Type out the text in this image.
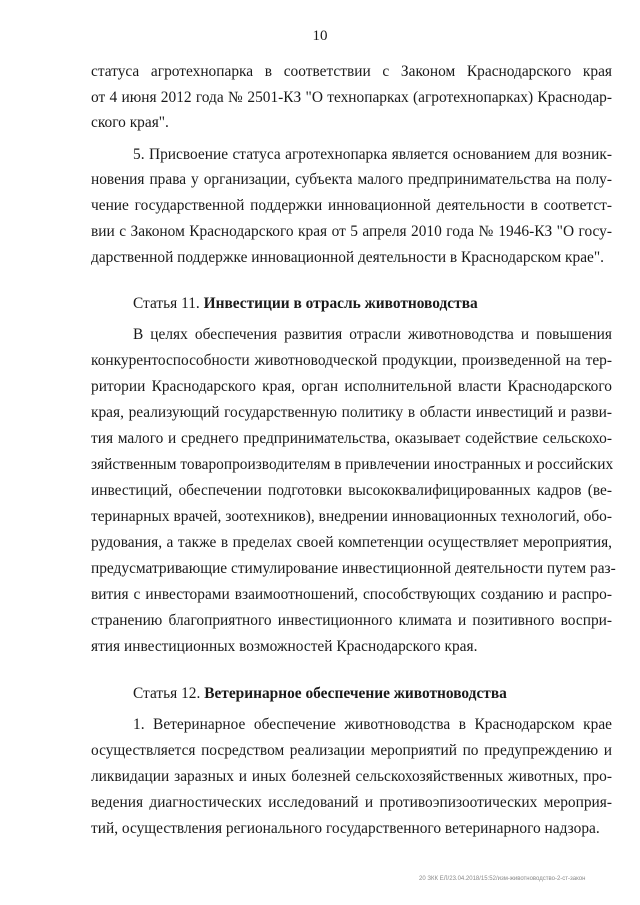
10
статуса агротехнопарка в соответствии с Законом Краснодарского края
от 4 июня 2012 года № 2501-КЗ "О технопарках (агротехнопарках) Краснодар-
ского края".
5. Присвоение статуса агротехнопарка является основанием для возник-
новения права у организации, субъекта малого предпринимательства на полу-
чение государственной поддержки инновационной деятельности в соответст-
вии с Законом Краснодарского края от 5 апреля 2010 года № 1946-КЗ "О госу-
дарственной поддержке инновационной деятельности в Краснодарском крае".
Статья 11. Инвестиции в отрасль животноводства
В целях обеспечения развития отрасли животноводства и повышения
конкурентоспособности животноводческой продукции, произведенной на тер-
ритории Краснодарского края, орган исполнительной власти Краснодарского
края, реализующий государственную политику в области инвестиций и разви-
тия малого и среднего предпринимательства, оказывает содействие сельскохо-
зяйственным товаропроизводителям в привлечении иностранных и российских
инвестиций, обеспечении подготовки высококвалифицированных кадров (ве-
теринарных врачей, зоотехников), внедрении инновационных технологий, обо-
рудования, а также в пределах своей компетенции осуществляет мероприятия,
предусматривающие стимулирование инвестиционной деятельности путем раз-
вития с инвесторами взаимоотношений, способствующих созданию и распро-
странению благоприятного инвестиционного климата и позитивного воспри-
ятия инвестиционных возможностей Краснодарского края.
Статья 12. Ветеринарное обеспечение животноводства
1. Ветеринарное обеспечение животноводства в Краснодарском крае
осуществляется посредством реализации мероприятий по предупреждению и
ликвидации заразных и иных болезней сельскохозяйственных животных, про-
ведения диагностических исследований и противоэпизоотических мероприя-
тий, осуществления регионального государственного ветеринарного надзора.
20 ЗКК ЕЛ/23.04.2018/15:52/изм-животноводство-2-ст-закон
